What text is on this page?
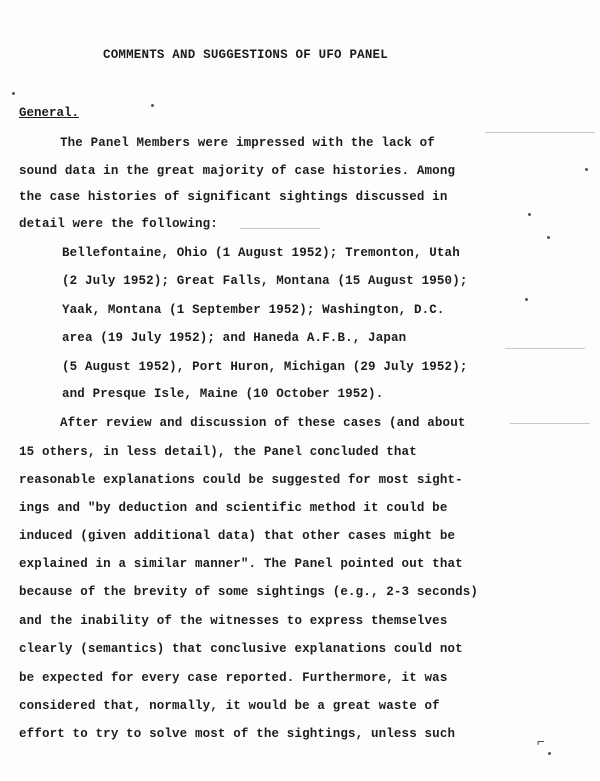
COMMENTS AND SUGGESTIONS OF UFO PANEL
General.
The Panel Members were impressed with the lack of
sound data in the great majority of case histories. Among
the case histories of significant sightings discussed in
detail were the following:
Bellefontaine, Ohio (1 August 1952); Tremonton, Utah
(2 July 1952); Great Falls, Montana (15 August 1950);
Yaak, Montana (1 September 1952); Washington, D.C.
area (19 July 1952); and Haneda A.F.B., Japan
(5 August 1952), Port Huron, Michigan (29 July 1952);
and Presque Isle, Maine (10 October 1952).
After review and discussion of these cases (and about
15 others, in less detail), the Panel concluded that
reasonable explanations could be suggested for most sight-
ings and "by deduction and scientific method it could be
induced (given additional data) that other cases might be
explained in a similar manner". The Panel pointed out that
because of the brevity of some sightings (e.g., 2-3 seconds)
and the inability of the witnesses to express themselves
clearly (semantics) that conclusive explanations could not
be expected for every case reported. Furthermore, it was
considered that, normally, it would be a great waste of
effort to try to solve most of the sightings, unless such
⌐
